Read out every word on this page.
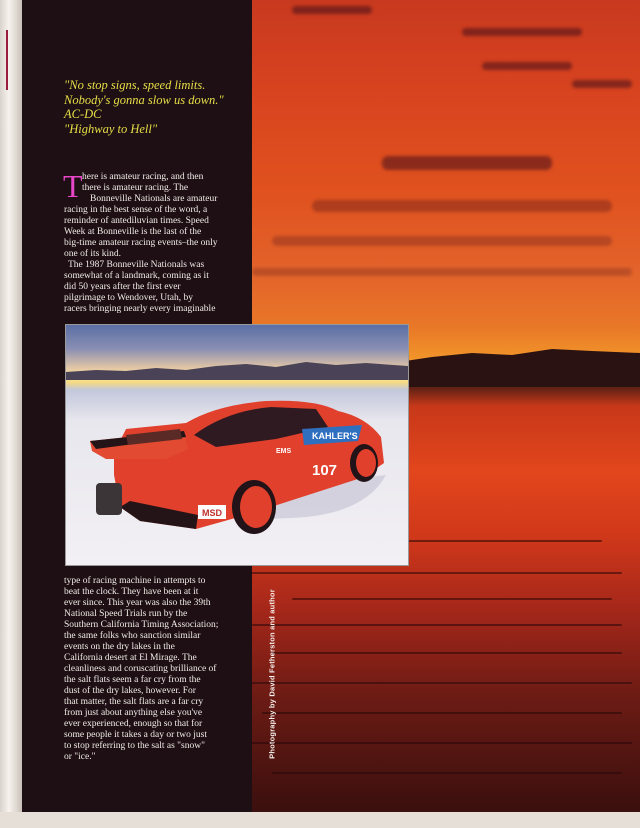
"No stop signs, speed limits.
Nobody's gonna slow us down."
AC-DC
"Highway to Hell"
T here is amateur racing, and then
there is amateur racing. The
Bonneville Nationals are amateur
racing in the best sense of the word, a
reminder of antediluvian times. Speed
Week at Bonneville is the last of the
big-time amateur racing events–the only
one of its kind.
The 1987 Bonneville Nationals was
somewhat of a landmark, coming as it
did 50 years after the first ever
pilgrimage to Wendover, Utah, by
racers bringing nearly every imaginable
type of racing machine in attempts to
beat the clock. They have been at it
ever since. This year was also the 39th
National Speed Trials run by the
Southern California Timing Association;
the same folks who sanction similar
events on the dry lakes in the
California desert at El Mirage. The
cleanliness and coruscating brilliance of
the salt flats seem a far cry from the
dust of the dry lakes, however. For
that matter, the salt flats are a far cry
from just about anything else you've
ever experienced, enough so that for
some people it takes a day or two just
to stop referring to the salt as "snow"
or "ice."
KAHLER'S
107
EMS
MSD
Photography by David Fetherston and author
